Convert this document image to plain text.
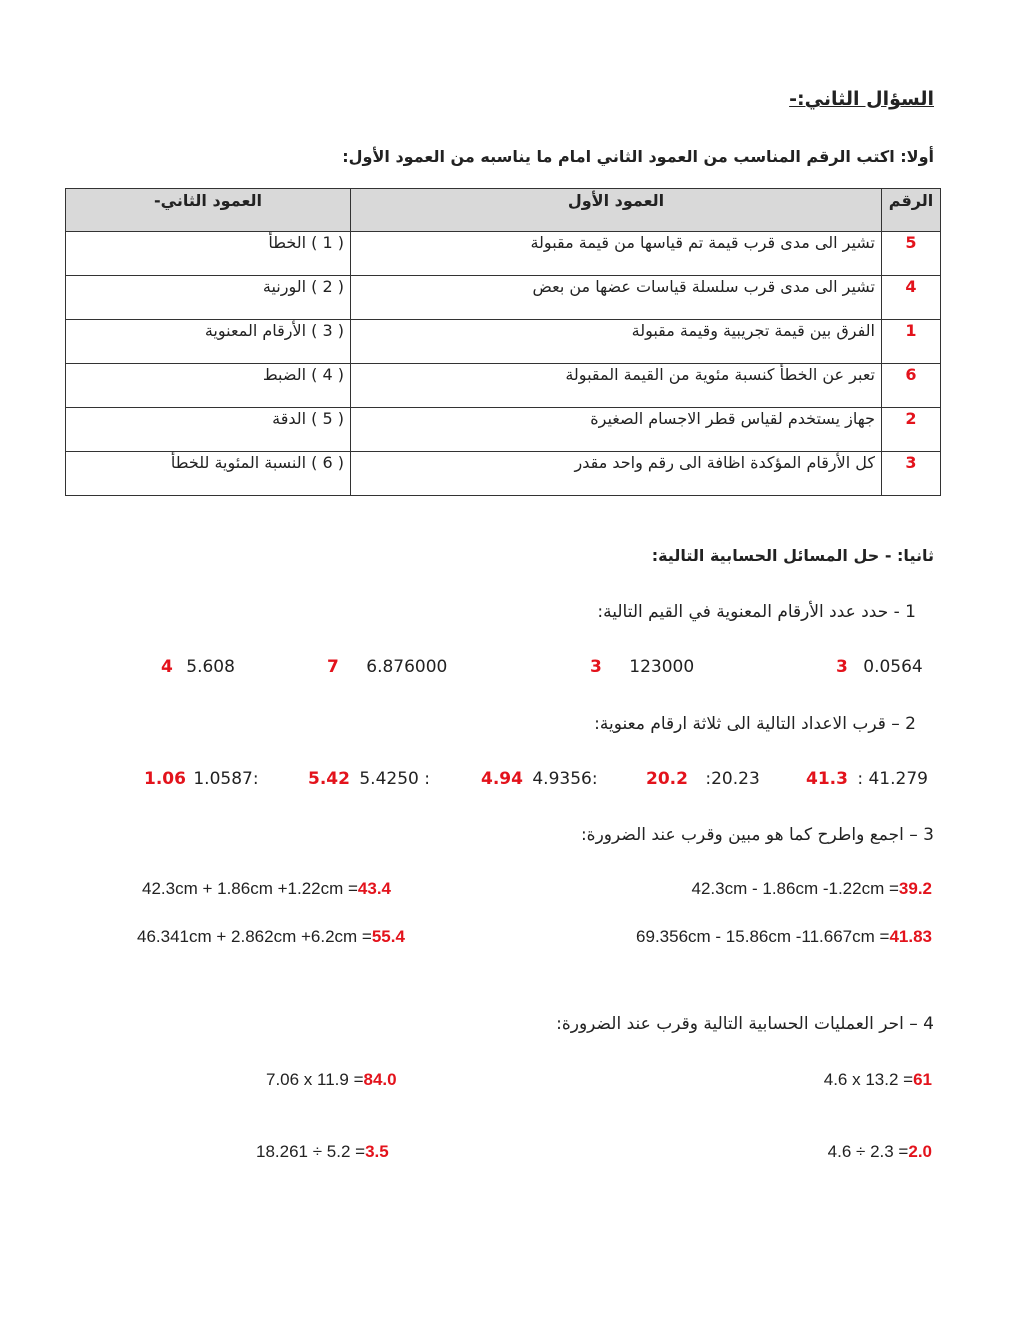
السؤال الثاني:-
أولا: اكتب الرقم المناسب من العمود الثاني امام ما يناسبه من العمود الأول:
الرقم	العمود الأول	العمود الثاني-
5	تشير الى مدى قرب قيمة تم قياسها من قيمة مقبولة	( 1 ) الخطأ
4	تشير الى مدى قرب سلسلة قياسات عضها من بعض	( 2 ) الورنية
1	الفرق بين قيمة تجريبية وقيمة مقبولة	( 3 ) الأرقام المعنوية
6	تعبر عن الخطأ كنسبة مئوية من القيمة المقبولة	( 4 ) الضبط
2	جهاز يستخدم لقياس قطر الاجسام الصغيرة	( 5 ) الدقة
3	كل الأرقام المؤكدة اظافة الى رقم واحد مقدر	( 6 ) النسبة المئوية للخطأ
ثانيا: - حل المسائل الحسابية التالية:
1 - حدد عدد الأرقام المعنوية في القيم التالية:
3 0.0564
3 123000
7 6.876000
4 5.608
2 – قرب الاعداد التالية الى ثلاثة ارقام معنوية:
41.3 : 41.279
20.2 :20.23
4.94 4.9356:
5.42 5.4250 :
1.06 1.0587:
3 – اجمع واطرح كما هو مبين وقرب عند الضرورة:
42.3cm - 1.86cm -1.22cm =39.2
42.3cm + 1.86cm +1.22cm =43.4
69.356cm - 15.86cm -11.667cm =41.83
46.341cm + 2.862cm +6.2cm =55.4
4 – احر العمليات الحسابية التالية وقرب عند الضرورة:
4.6 x 13.2 =61
7.06 x 11.9 =84.0
4.6 ÷ 2.3 =2.0
18.261 ÷ 5.2 =3.5
